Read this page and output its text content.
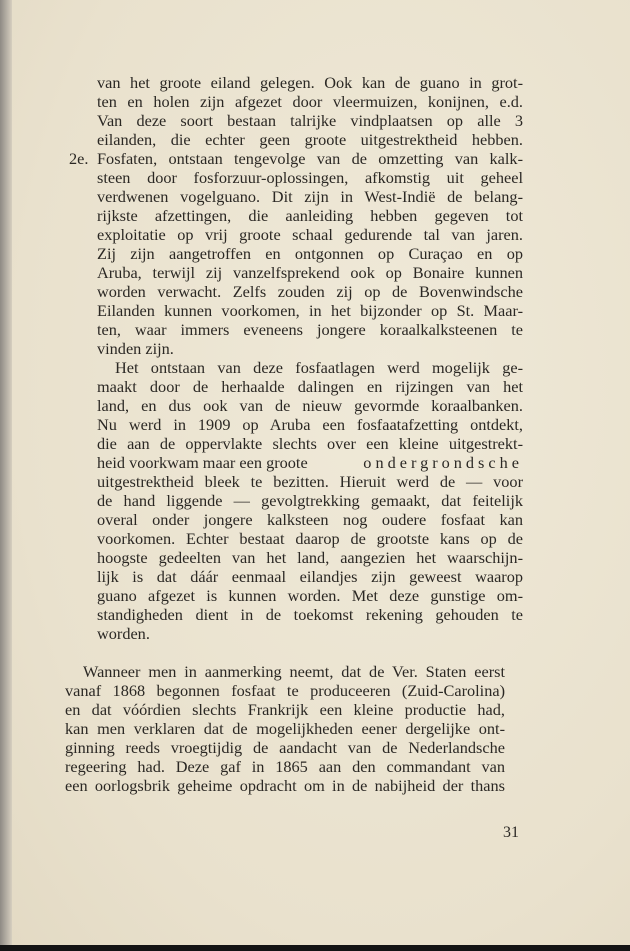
van het groote eiland gelegen. Ook kan de guano in grot-
ten en holen zijn afgezet door vleermuizen, konijnen, e.d.
Van deze soort bestaan talrijke vindplaatsen op alle 3
eilanden, die echter geen groote uitgestrektheid hebben.
2e. Fosfaten, ontstaan tengevolge van de omzetting van kalk-
steen door fosforzuur-oplossingen, afkomstig uit geheel
verdwenen vogelguano. Dit zijn in West-Indië de belang-
rijkste afzettingen, die aanleiding hebben gegeven tot
exploitatie op vrij groote schaal gedurende tal van jaren.
Zij zijn aangetroffen en ontgonnen op Curaçao en op
Aruba, terwijl zij vanzelfsprekend ook op Bonaire kunnen
worden verwacht. Zelfs zouden zij op de Bovenwindsche
Eilanden kunnen voorkomen, in het bijzonder op St. Maar-
ten, waar immers eveneens jongere koraalkalksteenen te
vinden zijn.
Het ontstaan van deze fosfaatlagen werd mogelijk ge-
maakt door de herhaalde dalingen en rijzingen van het
land, en dus ook van de nieuw gevormde koraalbanken.
Nu werd in 1909 op Aruba een fosfaatafzetting ontdekt,
die aan de oppervlakte slechts over een kleine uitgestrekt-
heid voorkwam maar een groote	ondergrondsche
uitgestrektheid bleek te bezitten. Hieruit werd de — voor
de hand liggende — gevolgtrekking gemaakt, dat feitelijk
overal onder jongere kalksteen nog oudere fosfaat kan
voorkomen. Echter bestaat daarop de grootste kans op de
hoogste gedeelten van het land, aangezien het waarschijn-
lijk is dat dáár eenmaal eilandjes zijn geweest waarop
guano afgezet is kunnen worden. Met deze gunstige om-
standigheden dient in de toekomst rekening gehouden te
worden.
Wanneer men in aanmerking neemt, dat de Ver. Staten eerst
vanaf 1868 begonnen fosfaat te produceeren (Zuid-Carolina)
en dat vóórdien slechts Frankrijk een kleine productie had,
kan men verklaren dat de mogelijkheden eener dergelijke ont-
ginning reeds vroegtijdig de aandacht van de Nederlandsche
regeering had. Deze gaf in 1865 aan den commandant van
een oorlogsbrik geheime opdracht om in de nabijheid der thans
31
